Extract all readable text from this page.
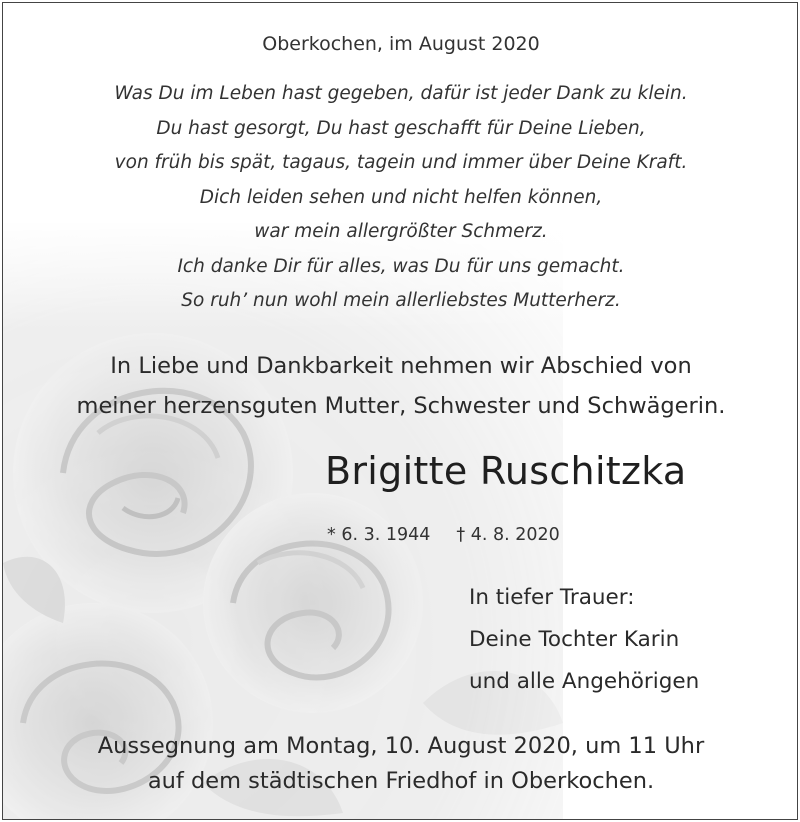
Oberkochen, im August 2020
Was Du im Leben hast gegeben, dafür ist jeder Dank zu klein.
Du hast gesorgt, Du hast geschafft für Deine Lieben,
von früh bis spät, tagaus, tagein und immer über Deine Kraft.
Dich leiden sehen und nicht helfen können,
war mein allergrößter Schmerz.
Ich danke Dir für alles, was Du für uns gemacht.
So ruh’ nun wohl mein allerliebstes Mutterherz.
In Liebe und Dankbarkeit nehmen wir Abschied von
meiner herzensguten Mutter, Schwester und Schwägerin.
Brigitte Ruschitzka
* 6. 3. 1944 † 4. 8. 2020
In tiefer Trauer:
Deine Tochter Karin
und alle Angehörigen
Aussegnung am Montag, 10. August 2020, um 11 Uhr
auf dem städtischen Friedhof in Oberkochen.
